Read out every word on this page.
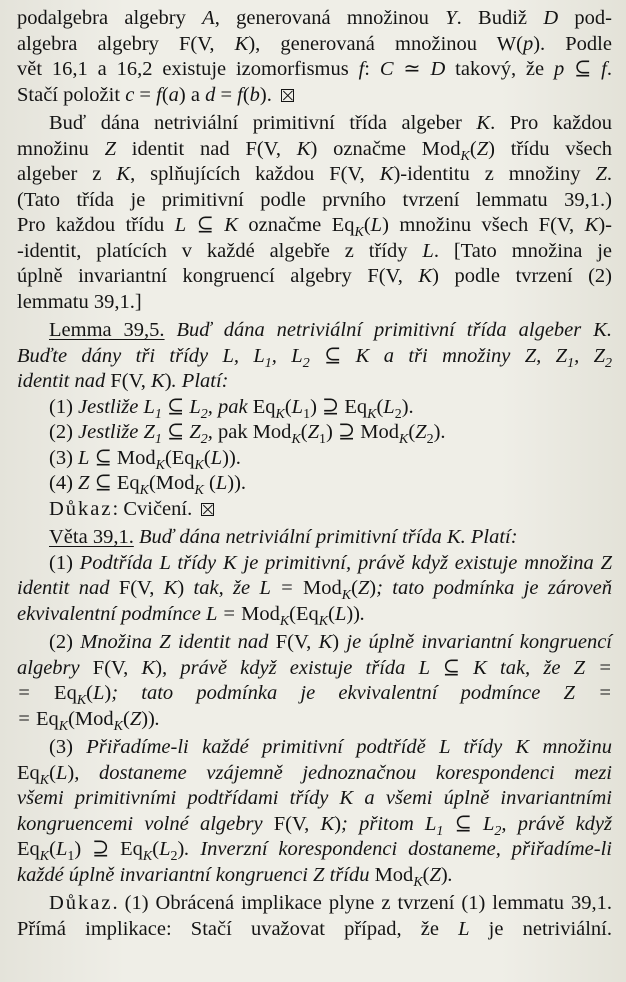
podalgebra algebry A, generovaná množinou Y. Budiž D pod-
algebra algebry F(V, K), generovaná množinou W(p). Podle
vět 16,1 a 16,2 existuje izomorfismus f: C ≃ D takový, že p ⊆ f.
Stačí položit c = f(a) a d = f(b).
Buď dána netriviální primitivní třída algeber K. Pro každou
množinu Z identit nad F(V, K) označme Mod$_K$(Z) třídu všech
algeber z K, splňujících každou F(V, K)-identitu z množiny Z.
(Tato třída je primitivní podle prvního tvrzení lemmatu 39,1.)
Pro každou třídu L ⊆ K označme $Eq_K(L)$ množinu všech F(V, K)-
-identit, platících v každé algebře z třídy L. [Tato množina je
úplně invariantní kongruencí algebry F(V, K) podle tvrzení (2)
lemmatu 39,1.]
Lemma 39,5. Buď dána netriviální primitivní třída algeber K.
Buďte dány tři třídy L, $L_1$, $L_2$ ⊆ K a tři množiny Z, $Z_1$, $Z_2$
identit nad F(V, K). Platí:
(1) Jestliže $L_1$ ⊆ $L_2$, pak $Eq_K(L_1)$ ⊇ $Eq_K(L_2)$.
(2) Jestliže $Z_1$ ⊆ $Z_2$, pak $Mod_K(Z_1)$ ⊇ $Mod_K(Z_2)$.
(3) L ⊆ $Mod_K(Eq_K(L))$.
(4) Z ⊆ $Eq_K(Mod_K$ (L)).
Důkaz: Cvičení.
Věta 39,1. Buď dána netriviální primitivní třída K. Platí:
(1) Podtřída L třídy K je primitivní, právě když existuje množina Z
identit nad F(V, K) tak, že L = Mod$_K$(Z); tato podmínka je zároveň
ekvivalentní podmínce $L = Mod_K(Eq_K(L))$.
(2) Množina Z identit nad F(V, K) je úplně invariantní kongruencí
algebry F(V, K), právě když existuje třída L ⊆ K tak, že Z =
= $Eq_K(L)$; tato podmínka je ekvivalentní podmínce Z =
= $Eq_K(Mod_K(Z))$.
(3) Přiřadíme-li každé primitivní podtřídě L třídy K množinu
$Eq_K(L)$, dostaneme vzájemně jednoznačnou korespondenci mezi
všemi primitivními podtřídami třídy K a všemi úplně invariantními
kongruencemi volné algebry F(V, K); přitom $L_1$ ⊆ $L_2$, právě když
$Eq_K(L_1)$ ⊇ $Eq_K(L_2)$. Inverzní korespondenci dostaneme, přiřadíme-li
každé úplně invariantní kongruenci Z třídu Mod$_K$(Z).
Důkaz. (1) Obrácená implikace plyne z tvrzení (1) lemmatu 39,1.
Přímá implikace: Stačí uvažovat případ, že L je netriviální.
